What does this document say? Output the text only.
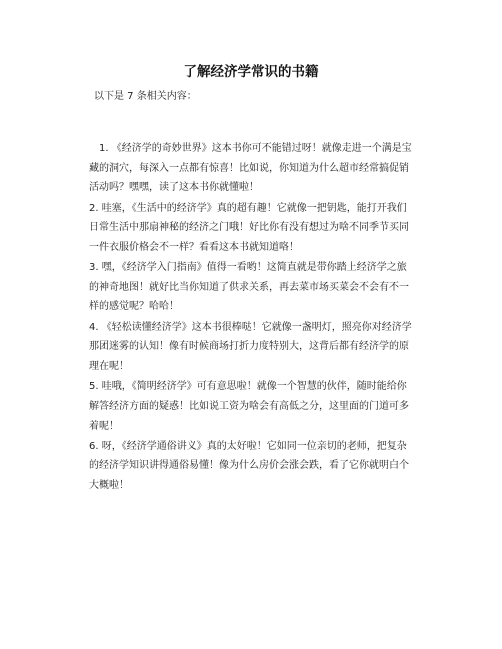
了解经济学常识的书籍
以下是 7 条相关内容：

1. 《经济学的奇妙世界》这本书你可不能错过呀！就像走进一个满是宝藏的洞穴，每深入一点都有惊喜！比如说，你知道为什么超市经常搞促销活动吗？嘿嘿，读了这本书你就懂啦！

2. 哇塞，《生活中的经济学》真的超有趣！它就像一把钥匙，能打开我们日常生活中那扇神秘的经济之门哦！好比你有没有想过为啥不同季节买同一件衣服价格会不一样？看看这本书就知道咯！

3. 嘿，《经济学入门指南》值得一看哟！这简直就是带你踏上经济学之旅的神奇地图！就好比当你知道了供求关系，再去菜市场买菜会不会有不一样的感觉呢？哈哈！

4. 《轻松读懂经济学》这本书很棒哒！它就像一盏明灯，照亮你对经济学那团迷雾的认知！像有时候商场打折力度特别大，这背后都有经济学的原理在呢！

5. 哇哦，《简明经济学》可有意思啦！就像一个智慧的伙伴，随时能给你解答经济方面的疑惑！比如说工资为啥会有高低之分，这里面的门道可多着呢！

6. 呀，《经济学通俗讲义》真的太好啦！它如同一位亲切的老师，把复杂的经济学知识讲得通俗易懂！像为什么房价会涨会跌，看了它你就明白个大概啦！
